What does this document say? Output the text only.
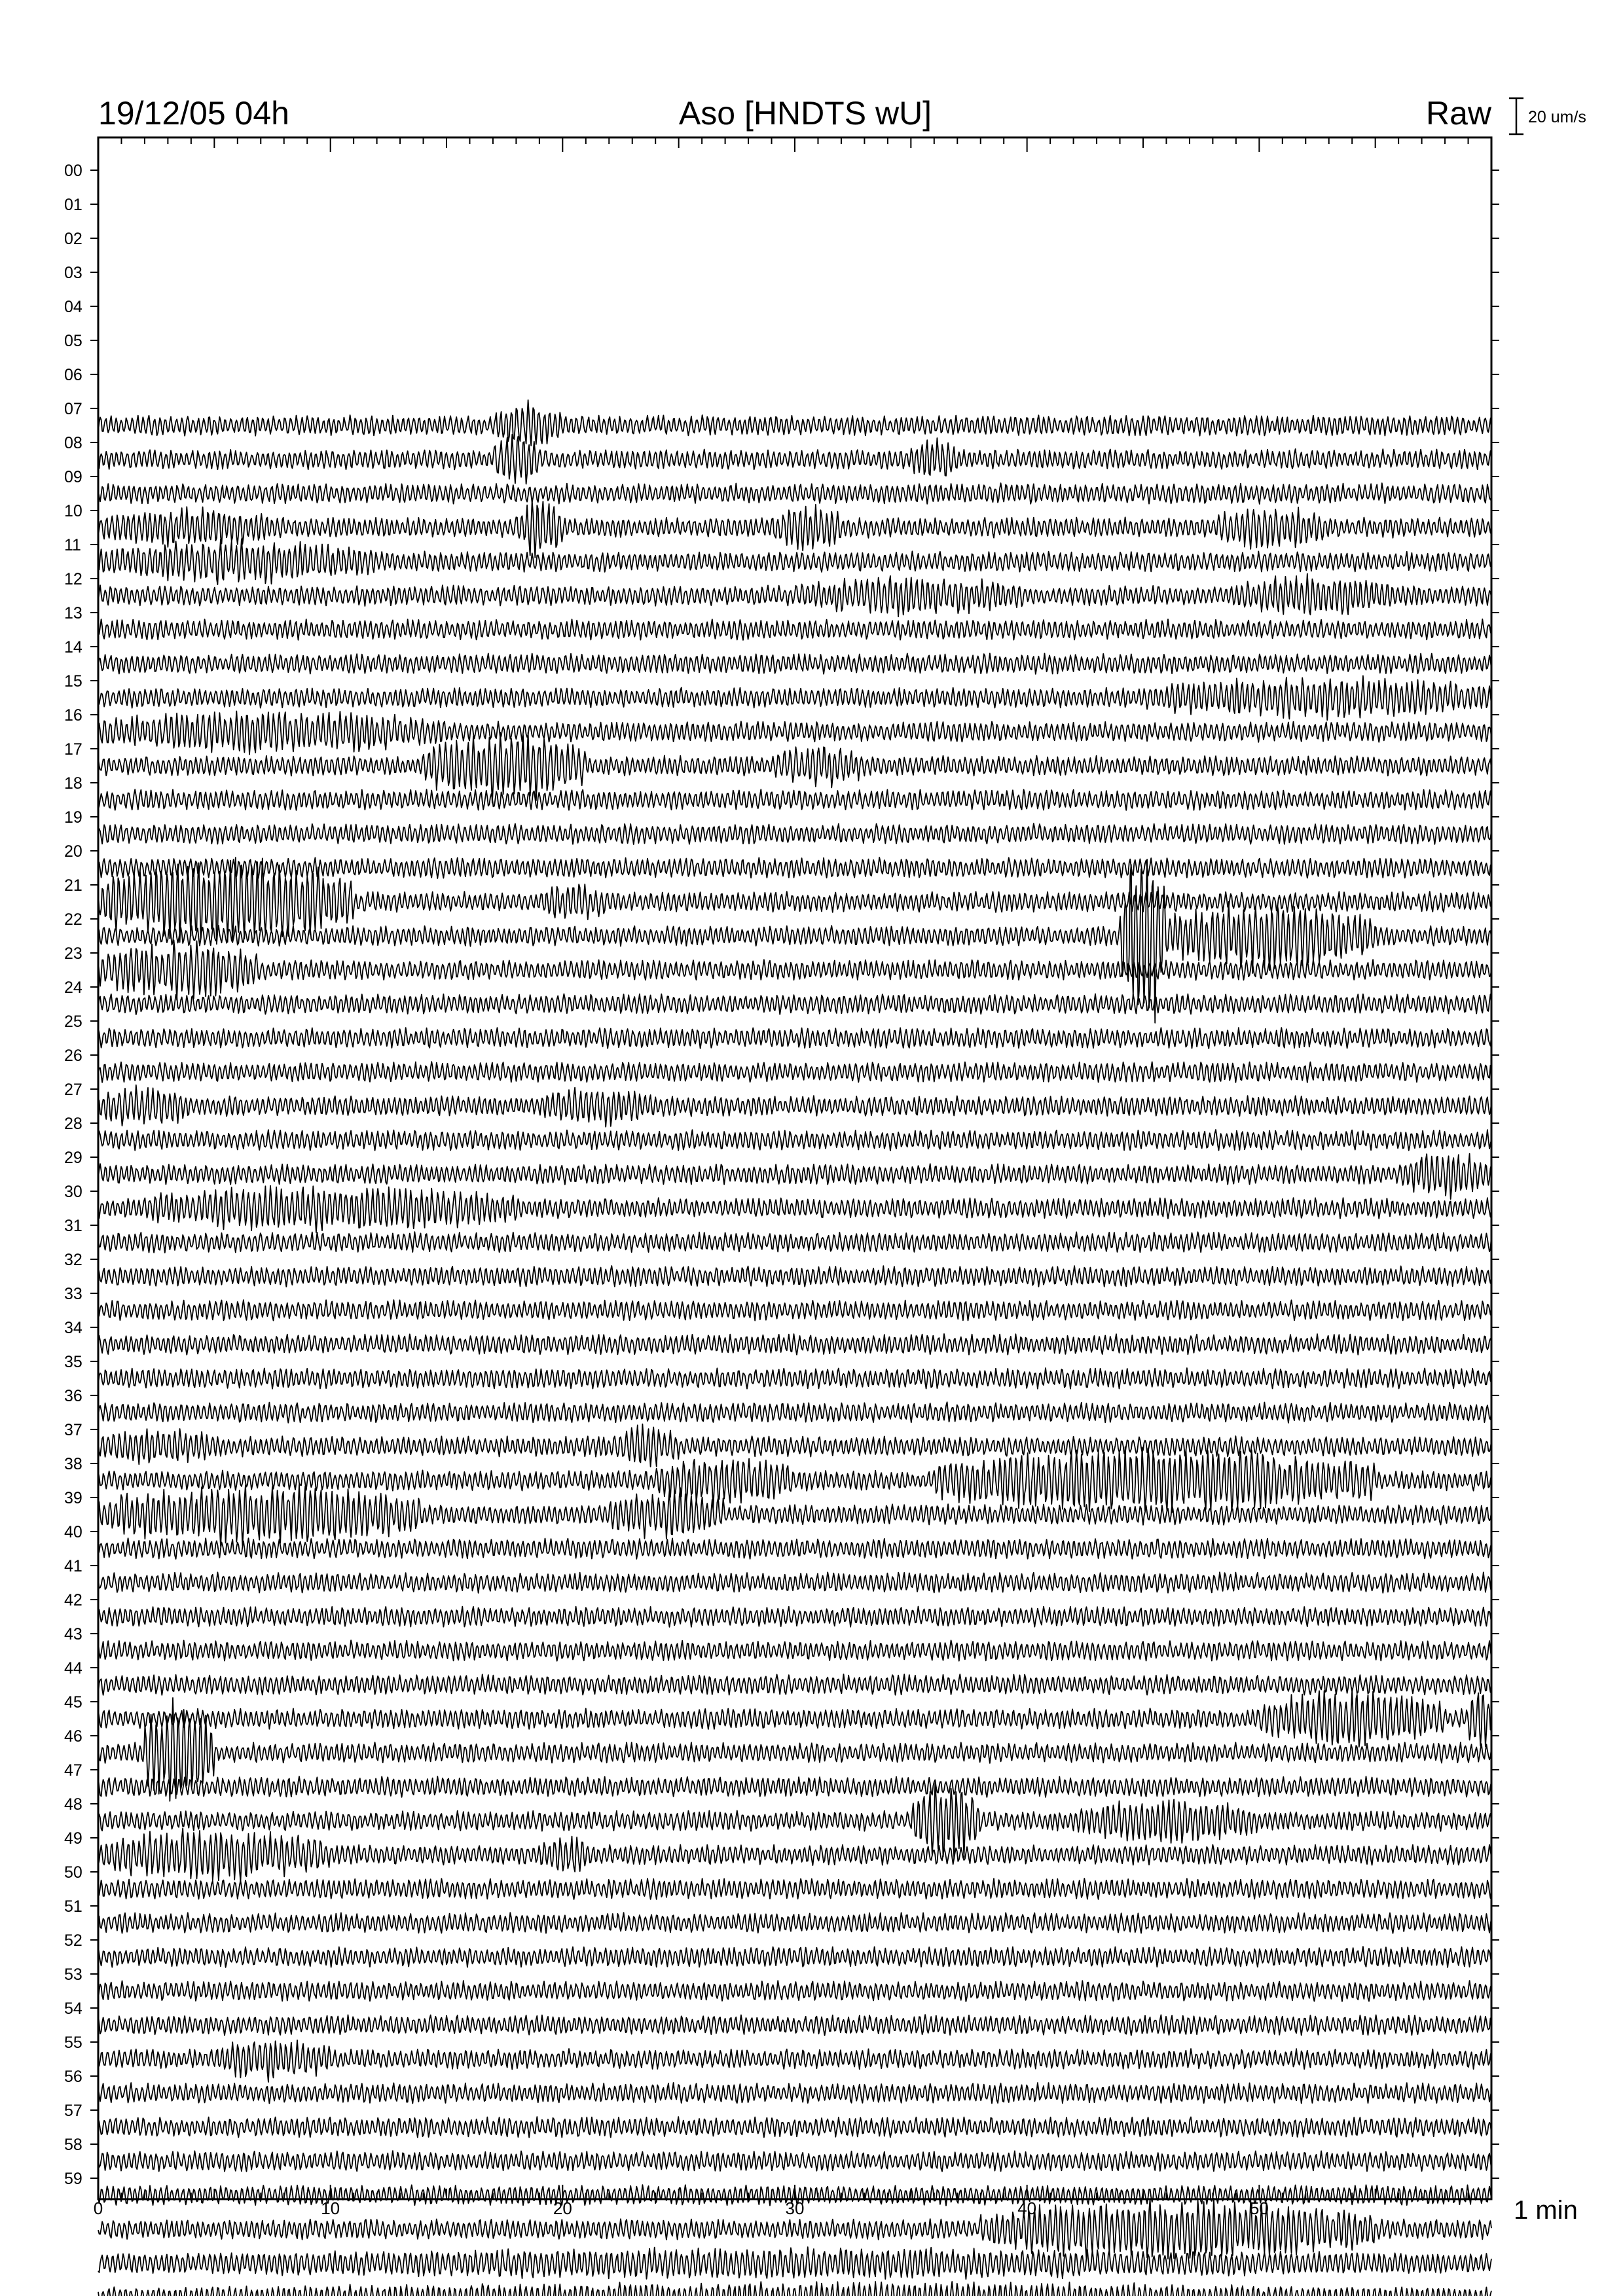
19/12/05 04h	Aso [HNDTS wU]	Raw 20 um/s
00
01
02
03
04
05
06
07
08
09
10
11
12
13
14
15
16
17
18
19
20
21
22
23
24
25
26
27
28
29
30
31
32
33
34
35
36
37
38
39
40
41
42
43
44
45
46
47
48
49
50
51
52
53
54
55
56
57
58
59
0	10	20	30	40	50	1 min
